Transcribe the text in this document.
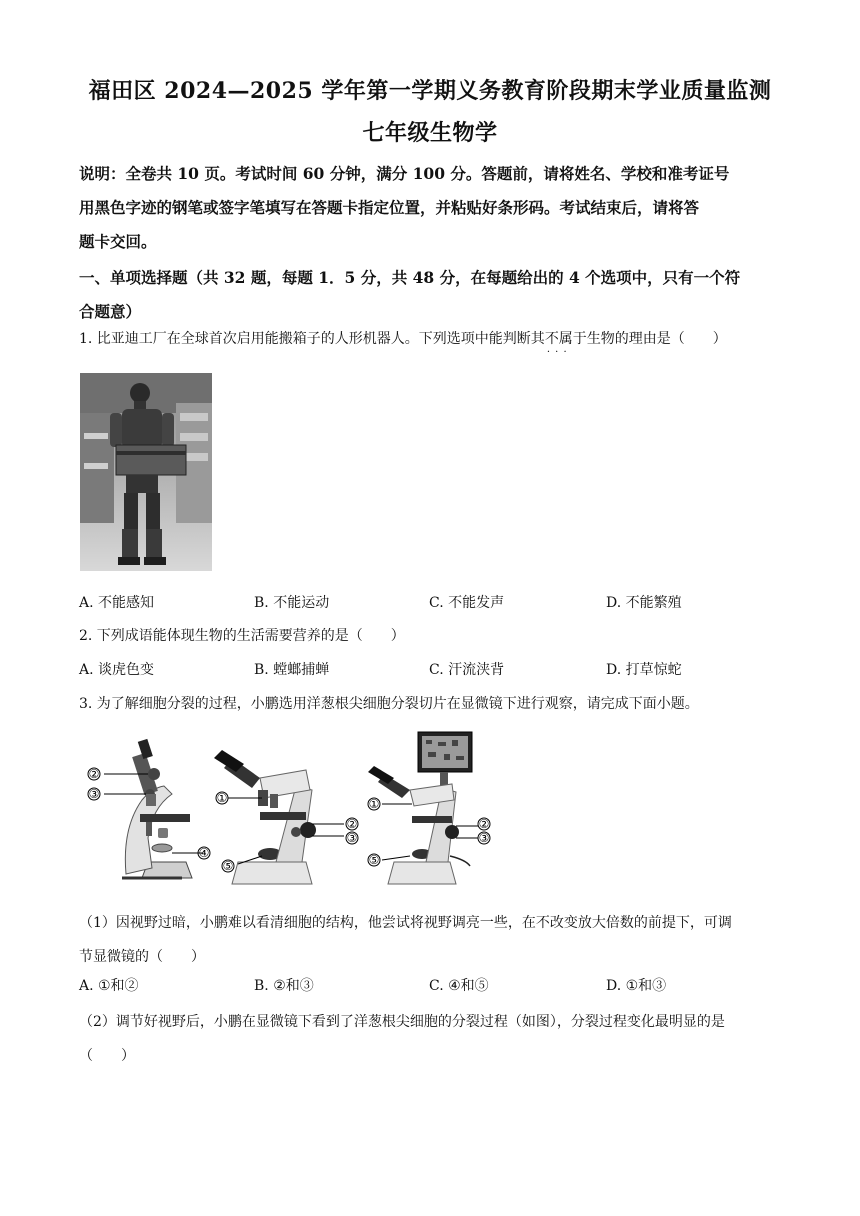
福田区 2024—2025 学年第一学期义务教育阶段期末学业质量监测
七年级生物学
说明：全卷共 10 页。考试时间 60 分钟，满分 100 分。答题前，请将姓名、学校和准考证号
用黑色字迹的钢笔或签字笔填写在答题卡指定位置，并粘贴好条形码。考试结束后，请将答
题卡交回。
一、单项选择题（共 32 题，每题 1．5 分，共 48 分，在每题给出的 4 个选项中，只有一个符
合题意）
1. 比亚迪工厂在全球首次启用能搬箱子的人形机器人。下列选项中能判断其不属于 · · ·生物的理由是（　　）
A. 不能感知	B. 不能运动	C. 不能发声	D. 不能繁殖
2. 下列成语能体现生物的生活需要营养的是（　　）
A. 谈虎色变	B. 螳螂捕蝉	C. 汗流浃背	D. 打草惊蛇
3. 为了解细胞分裂的过程，小鹏选用洋葱根尖细胞分裂切片在显微镜下进行观察，请完成下面小题。
②
③
④
①
②
③
⑤
①
②
③
⑤
（1）因视野过暗，小鹏难以看清细胞的结构，他尝试将视野调亮一些，在不改变放大倍数的前提下，可调
节显微镜的（　　）
A. ①和②	B. ②和③	C. ④和⑤	D. ①和③
（2）调节好视野后，小鹏在显微镜下看到了洋葱根尖细胞的分裂过程（如图），分裂过程变化最明显的是
（　　）
